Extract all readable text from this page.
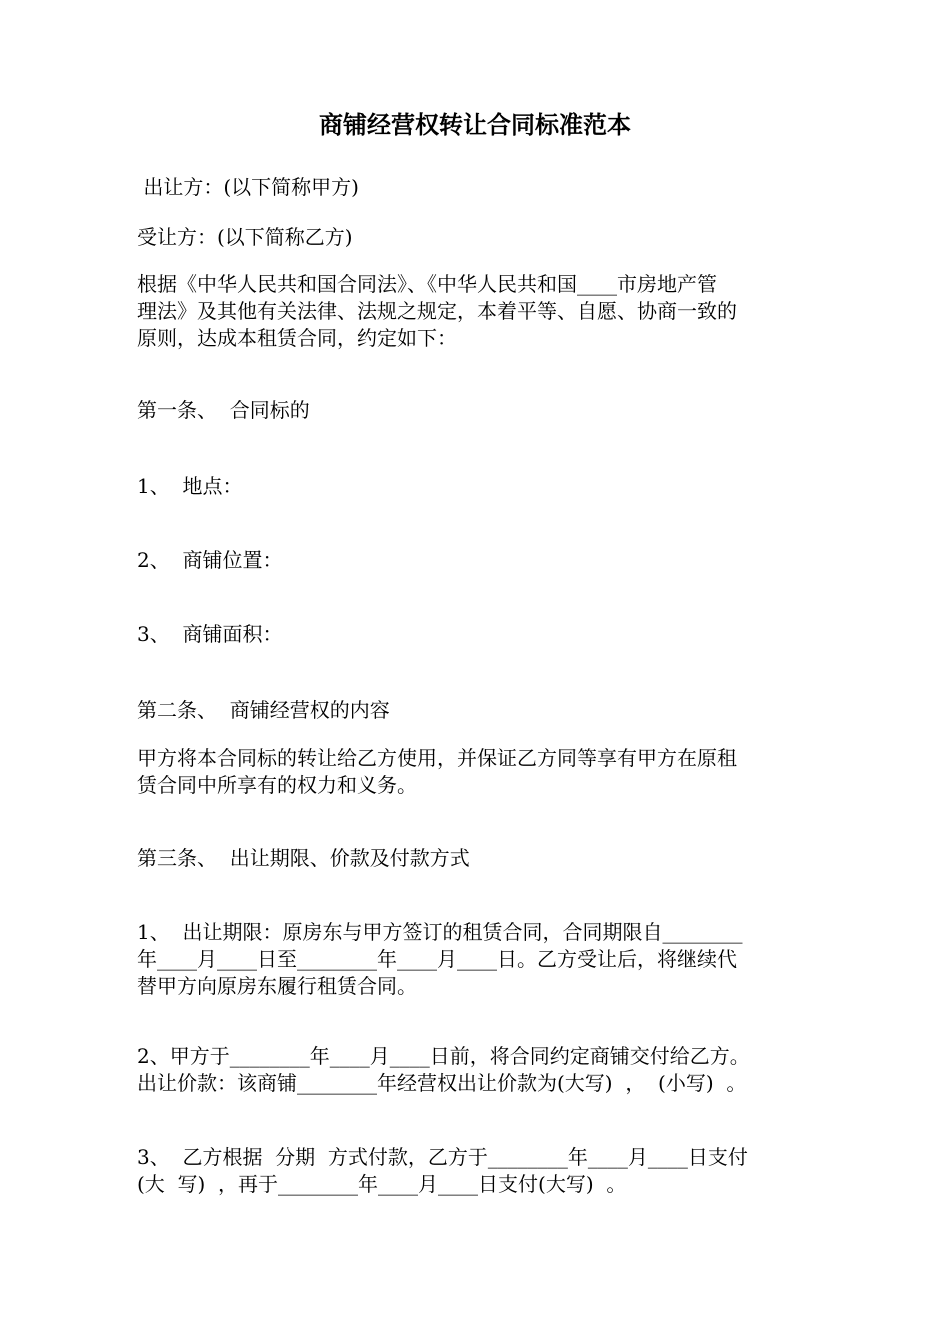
商铺经营权转让合同标准范本

出让方：(以下简称甲方)

受让方：(以下简称乙方)

根据《中华人民共和国合同法》、《中华人民共和国____市房地产管
理法》及其他有关法律、法规之规定，本着平等、自愿、协商一致的
原则，达成本租赁合同，约定如下：

第一条、  合同标的

1、  地点：

2、  商铺位置：

3、  商铺面积：

第二条、  商铺经营权的内容

甲方将本合同标的转让给乙方使用，并保证乙方同等享有甲方在原租
赁合同中所享有的权力和义务。

第三条、  出让期限、价款及付款方式

1、  出让期限：原房东与甲方签订的租赁合同，合同期限自________
年____月____日至________年____月____日。乙方受让后，将继续代
替甲方向原房东履行租赁合同。

2、甲方于________年____月____日前，将合同约定商铺交付给乙方。
出让价款：该商铺________年经营权出让价款为(大写)  ，  (小写)  。

3、  乙方根据  分期  方式付款，乙方于________年____月____日支付
(大  写)  ，再于________年____月____日支付(大写)  。
